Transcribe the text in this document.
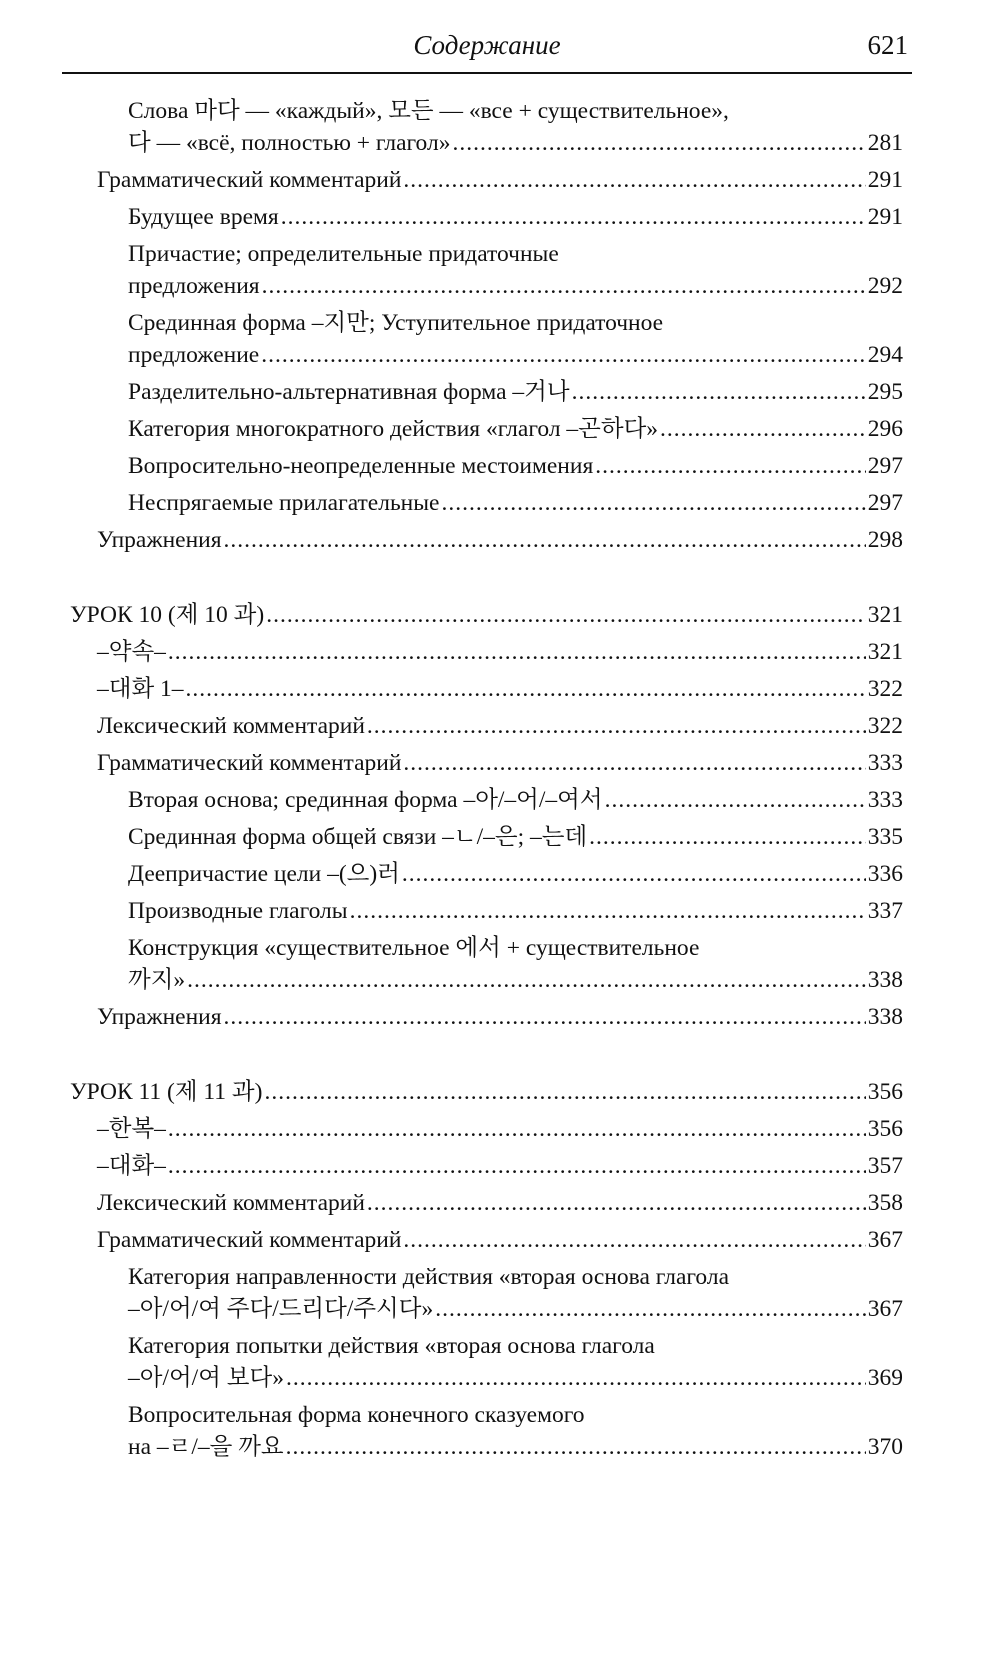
Содержание	621
Слова 마다 — «каждый», 모든 — «все + существительное»,
다 — «всё, полностью + глагол» .....	281
Грамматический комментарий .....	291
Будущее время .....	291
Причастие; определительные придаточные
предложения .....	292
Срединная форма –지만; Уступительное придаточное
предложение .....	294
Разделительно-альтернативная форма –거나 .....	295
Категория многократного действия «глагол –곤하다» .....	296
Вопросительно-неопределенные местоимения .....	297
Неспрягаемые прилагательные .....	297
Упражнения .....	298
УРОК 10 (제 10 과) .....	321
–약속– .....	321
–대화 1– .....	322
Лексический комментарий .....	322
Грамматический комментарий .....	333
Вторая основа; срединная форма –아/–어/–여서 .....	333
Срединная форма общей связи –ㄴ/–은; –는데 .....	335
Деепричастие цели –(으)러 .....	336
Производные глаголы .....	337
Конструкция «существительное 에서 + существительное
까지» .....	338
Упражнения .....	338
УРОК 11 (제 11 과) .....	356
–한복– .....	356
–대화– .....	357
Лексический комментарий .....	358
Грамматический комментарий .....	367
Категория направленности действия «вторая основа глагола
–아/어/여 주다/드리다/주시다» .....	367
Категория попытки действия «вторая основа глагола
–아/어/여 보다» .....	369
Вопросительная форма конечного сказуемого
на –ㄹ/–을 까요 .....	370
